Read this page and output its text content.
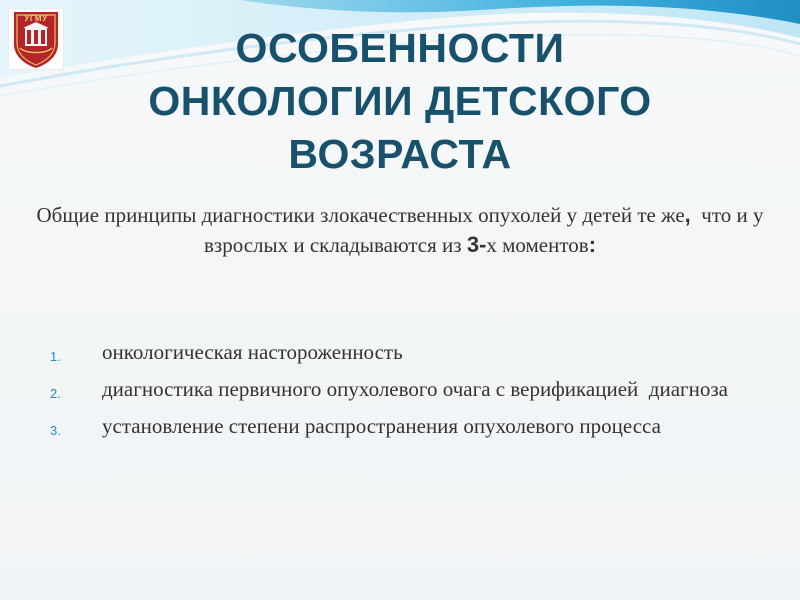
УГМУ
ОСОБЕННОСТИ
ОНКОЛОГИИ ДЕТСКОГО
ВОЗРАСТА
Общие принципы диагностики злокачественных опухолей у детей те же,  что и у взрослых и складываются из 3-х моментов:
1. онкологическая настороженность
2. диагностика первичного опухолевого очага с верификацией  диагноза
3. установление степени распространения опухолевого процесса
